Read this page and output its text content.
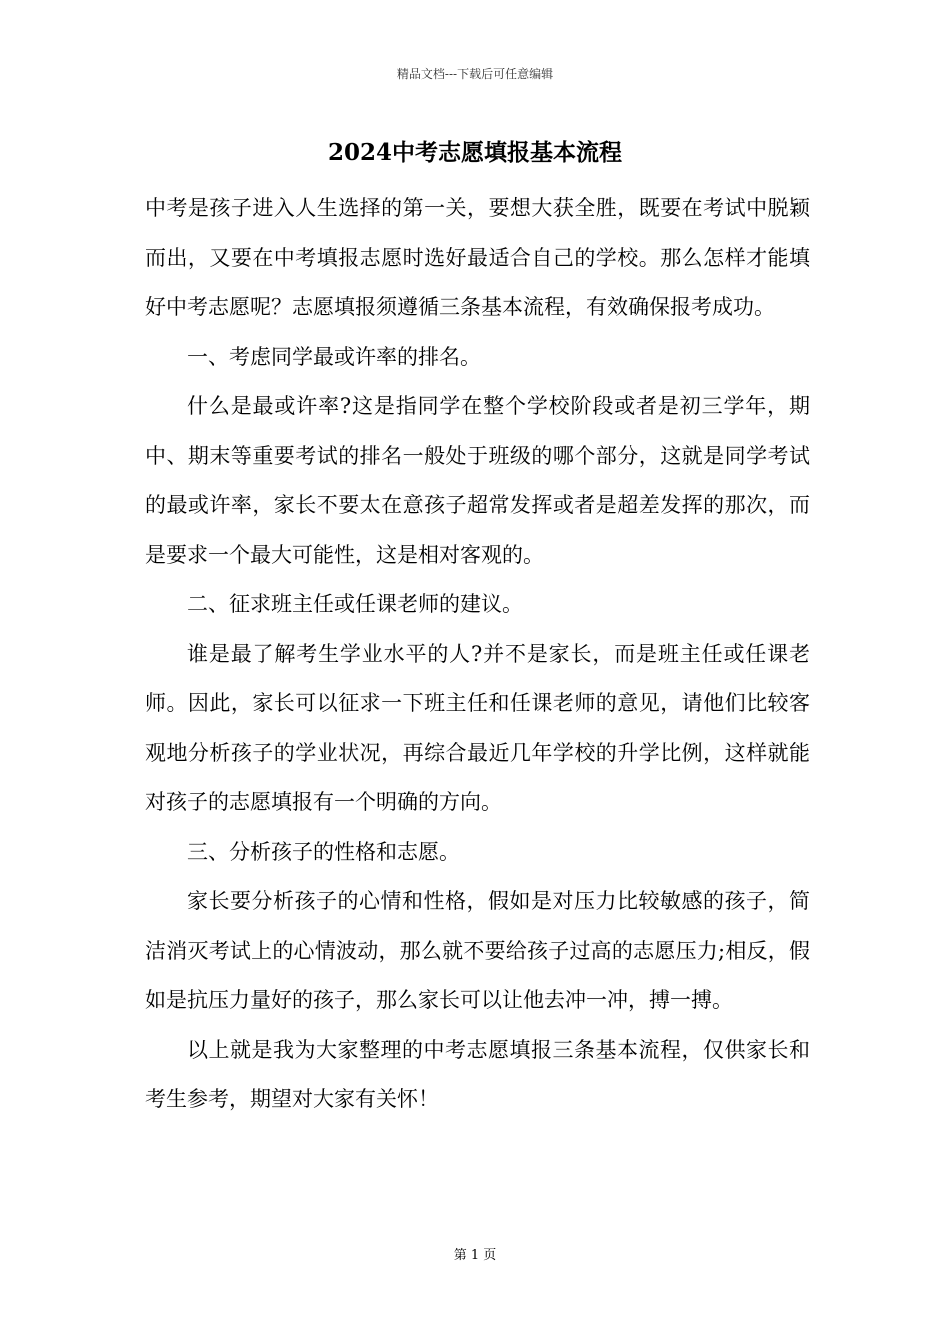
精品文档---下载后可任意编辑
2024中考志愿填报基本流程

中考是孩子进入人生选择的第一关，要想大获全胜，既要在考试中脱颖而出，又要在中考填报志愿时选好最适合自己的学校。那么怎样才能填好中考志愿呢？志愿填报须遵循三条基本流程，有效确保报考成功。

一、考虑同学最或许率的排名。

什么是最或许率?这是指同学在整个学校阶段或者是初三学年，期中、期末等重要考试的排名一般处于班级的哪个部分，这就是同学考试的最或许率，家长不要太在意孩子超常发挥或者是超差发挥的那次，而是要求一个最大可能性，这是相对客观的。

二、征求班主任或任课老师的建议。

谁是最了解考生学业水平的人?并不是家长，而是班主任或任课老师。因此，家长可以征求一下班主任和任课老师的意见，请他们比较客观地分析孩子的学业状况，再综合最近几年学校的升学比例，这样就能对孩子的志愿填报有一个明确的方向。

三、分析孩子的性格和志愿。

家长要分析孩子的心情和性格，假如是对压力比较敏感的孩子，简洁消灭考试上的心情波动，那么就不要给孩子过高的志愿压力;相反，假如是抗压力量好的孩子，那么家长可以让他去冲一冲，搏一搏。

以上就是我为大家整理的中考志愿填报三条基本流程，仅供家长和考生参考，期望对大家有关怀！

第 1 页
